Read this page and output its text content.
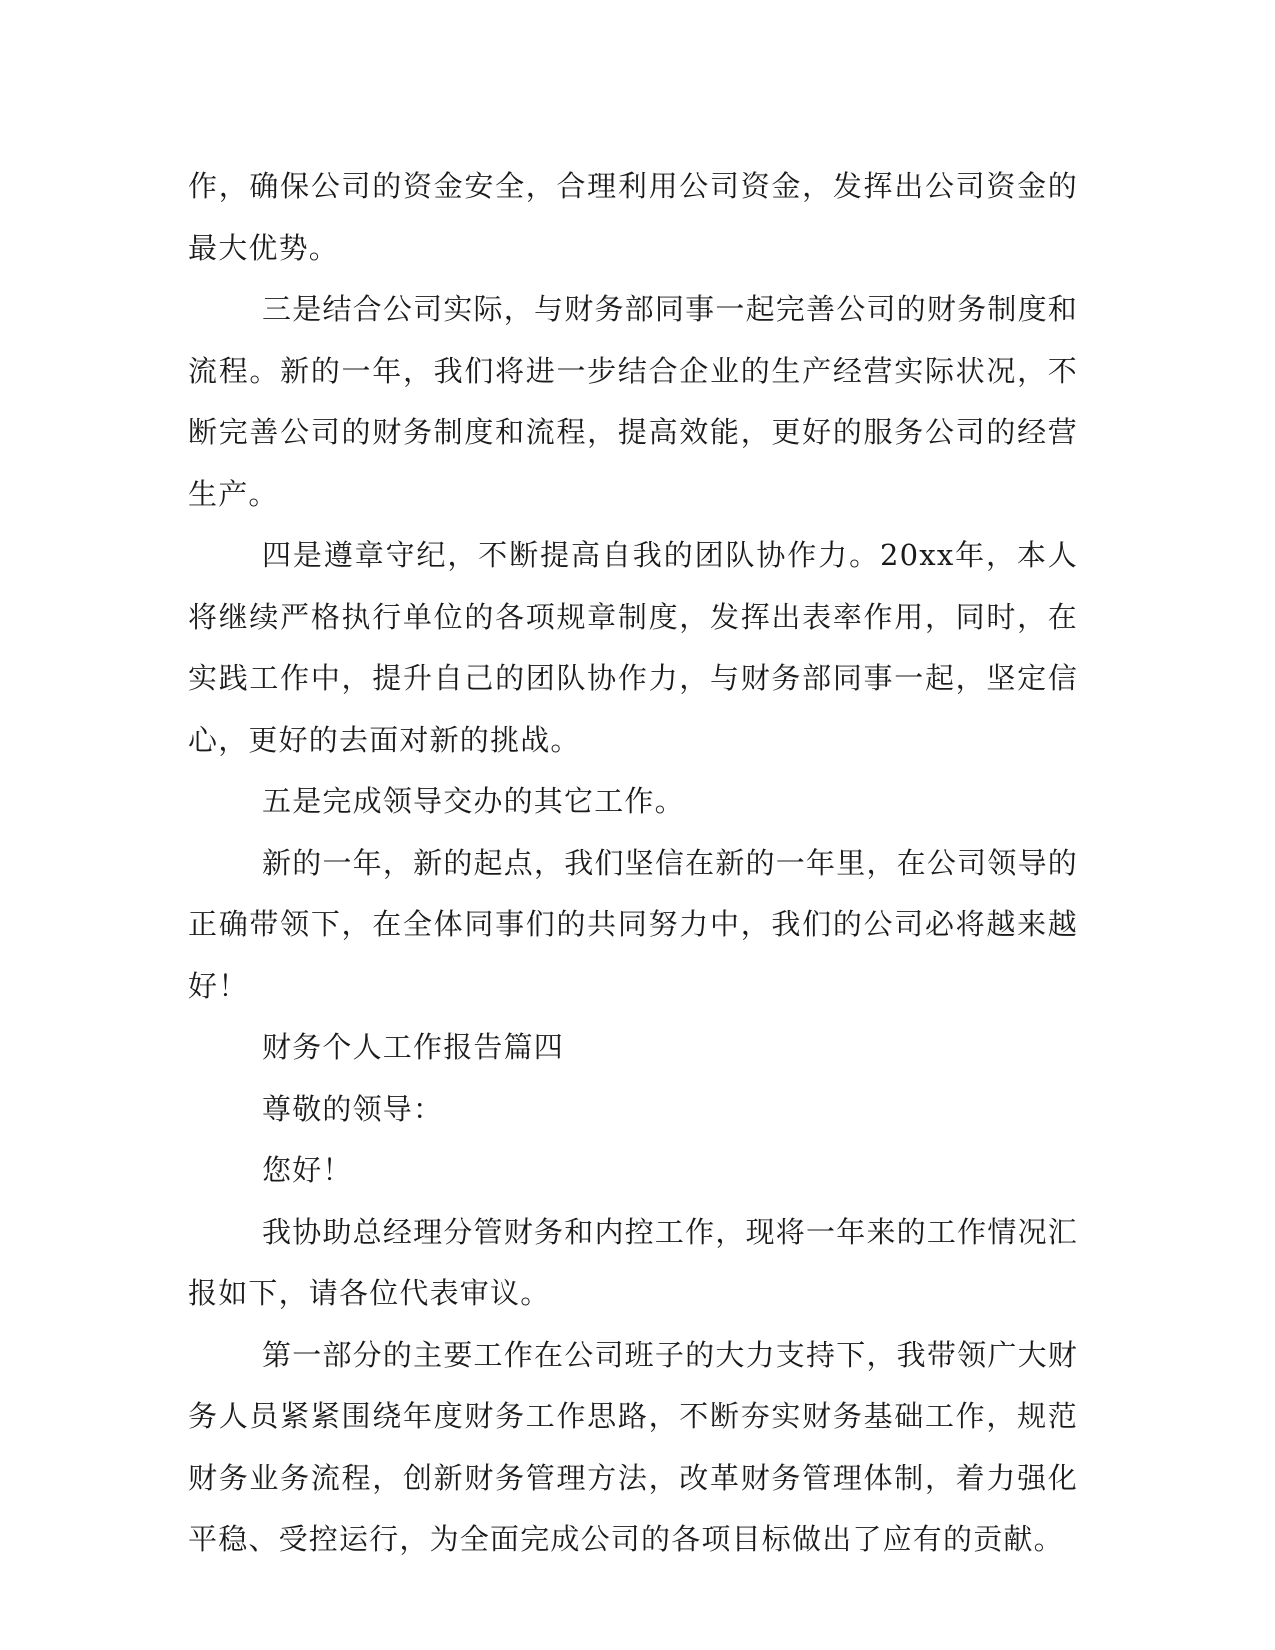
作，确保公司的资金安全，合理利用公司资金，发挥出公司资金的最大优势。

三是结合公司实际，与财务部同事一起完善公司的财务制度和流程。新的一年，我们将进一步结合企业的生产经营实际状况，不断完善公司的财务制度和流程，提高效能，更好的服务公司的经营生产。

四是遵章守纪，不断提高自我的团队协作力。20xx年，本人将继续严格执行单位的各项规章制度，发挥出表率作用，同时，在实践工作中，提升自己的团队协作力，与财务部同事一起，坚定信心，更好的去面对新的挑战。

五是完成领导交办的其它工作。

新的一年，新的起点，我们坚信在新的一年里，在公司领导的正确带领下，在全体同事们的共同努力中，我们的公司必将越来越好！

财务个人工作报告篇四

尊敬的领导：

您好！

我协助总经理分管财务和内控工作，现将一年来的工作情况汇报如下，请各位代表审议。

第一部分的主要工作在公司班子的大力支持下，我带领广大财务人员紧紧围绕年度财务工作思路，不断夯实财务基础工作，规范财务业务流程，创新财务管理方法，改革财务管理体制，着力强化平稳、受控运行，为全面完成公司的各项目标做出了应有的贡献。
